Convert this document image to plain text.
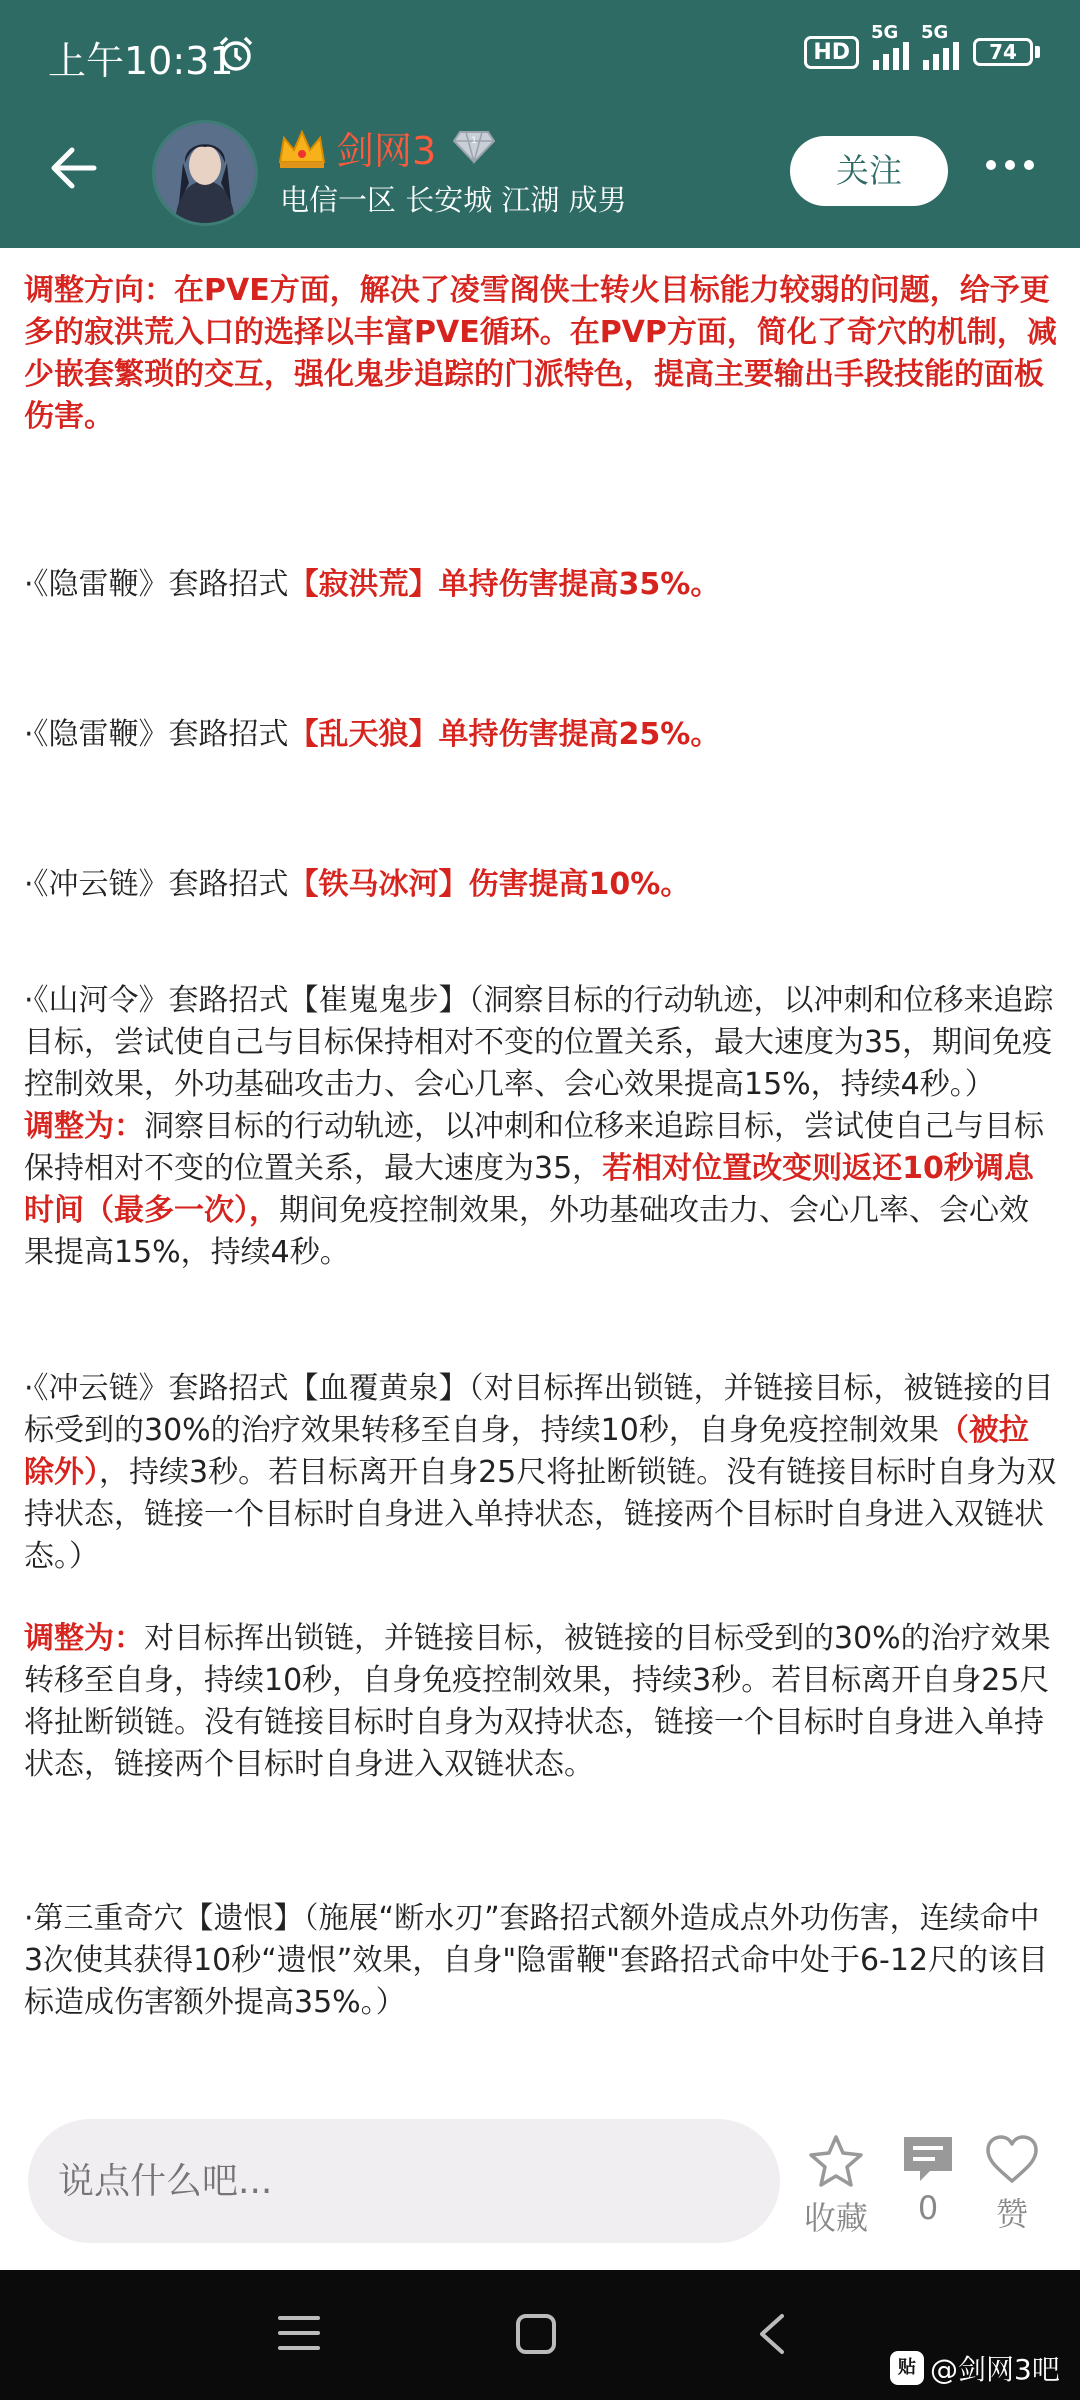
上午10:31	HD
5G 5G
74
剑网3	1
电信一区 长安城 江湖 成男
关注

调整方向：在PVE方面，解决了凌雪阁侠士转火目标能力较弱的问题，给予更多的寂洪荒入口的选择以丰富PVE循环。在PVP方面，简化了奇穴的机制，减少嵌套繁琐的交互，强化鬼步追踪的门派特色，提高主要输出手段技能的面板伤害。

·《隐雷鞭》套路招式【寂洪荒】单持伤害提高35%。

·《隐雷鞭》套路招式【乱天狼】单持伤害提高25%。

·《冲云链》套路招式【铁马冰河】伤害提高10%。

·《山河令》套路招式【崔嵬鬼步】（洞察目标的行动轨迹，以冲刺和位移来追踪目标，尝试使自己与目标保持相对不变的位置关系，最大速度为35，期间免疫控制效果，外功基础攻击力、会心几率、会心效果提高15%，持续4秒。）

调整为：洞察目标的行动轨迹，以冲刺和位移来追踪目标，尝试使自己与目标保持相对不变的位置关系，最大速度为35，若相对位置改变则返还10秒调息时间（最多一次），期间免疫控制效果，外功基础攻击力、会心几率、会心效果提高15%，持续4秒。

·《冲云链》套路招式【血覆黄泉】（对目标挥出锁链，并链接目标，被链接的目标受到的30%的治疗效果转移至自身，持续10秒，自身免疫控制效果（被拉除外），持续3秒。若目标离开自身25尺将扯断锁链。没有链接目标时自身为双持状态，链接一个目标时自身进入单持状态，链接两个目标时自身进入双链状态。）

调整为：对目标挥出锁链，并链接目标，被链接的目标受到的30%的治疗效果转移至自身，持续10秒，自身免疫控制效果，持续3秒。若目标离开自身25尺将扯断锁链。没有链接目标时自身为双持状态，链接一个目标时自身进入单持状态，链接两个目标时自身进入双链状态。

·第三重奇穴【遗恨】（施展“断水刃”套路招式额外造成点外功伤害，连续命中3次使其获得10秒“遗恨”效果，自身"隐雷鞭"套路招式命中处于6-12尺的该目标造成伤害额外提高35%。）

说点什么吧...
收藏	0	赞
贴 @剑网3吧
